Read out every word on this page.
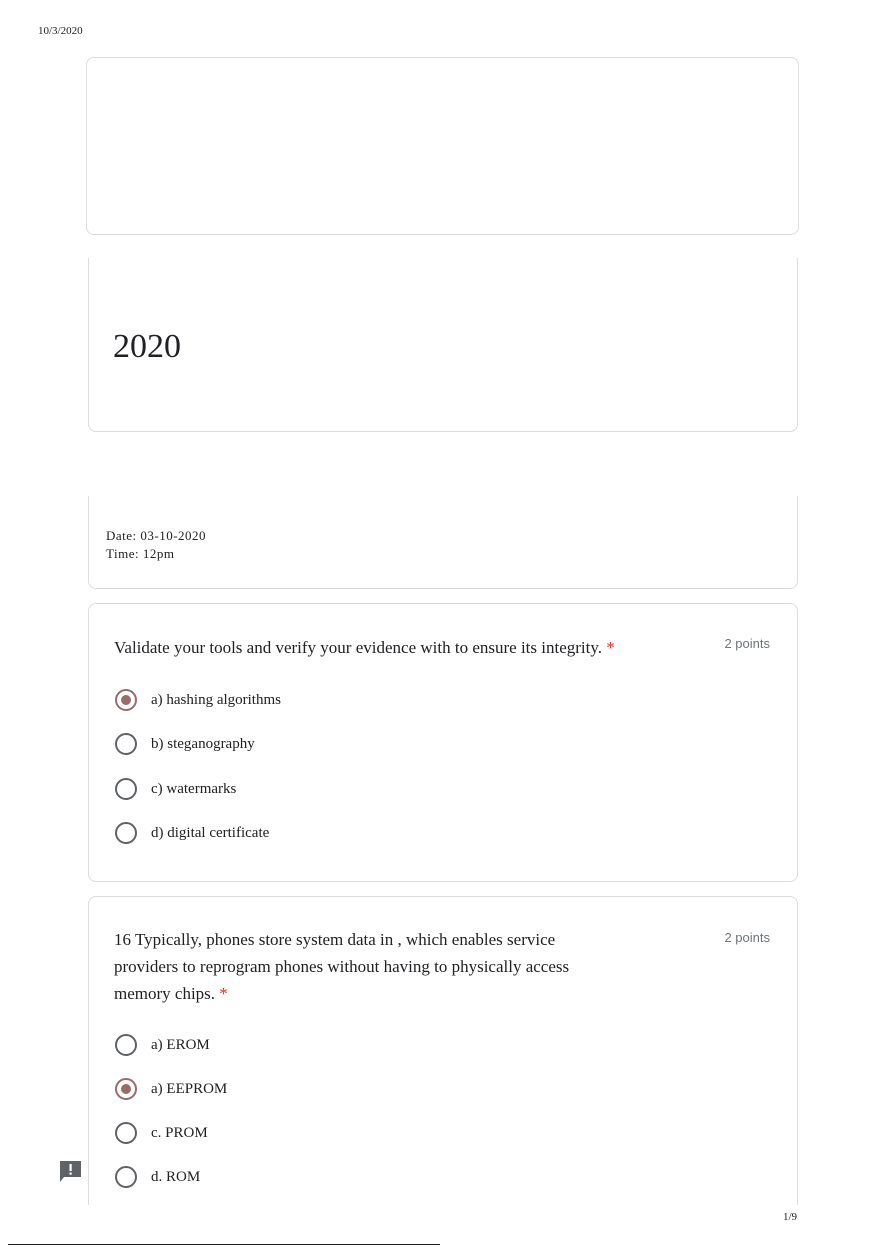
10/3/2020
2020
Date: 03-10-2020
Time: 12pm
Validate your tools and verify your evidence with to ensure its integrity. *	2 points
a) hashing algorithms
b) steganography
c) watermarks
d) digital certificate
16 Typically, phones store system data in , which enables service providers to reprogram phones without having to physically access memory chips. *
2 points
a) EROM
a) EEPROM
c. PROM
d. ROM
1/9
